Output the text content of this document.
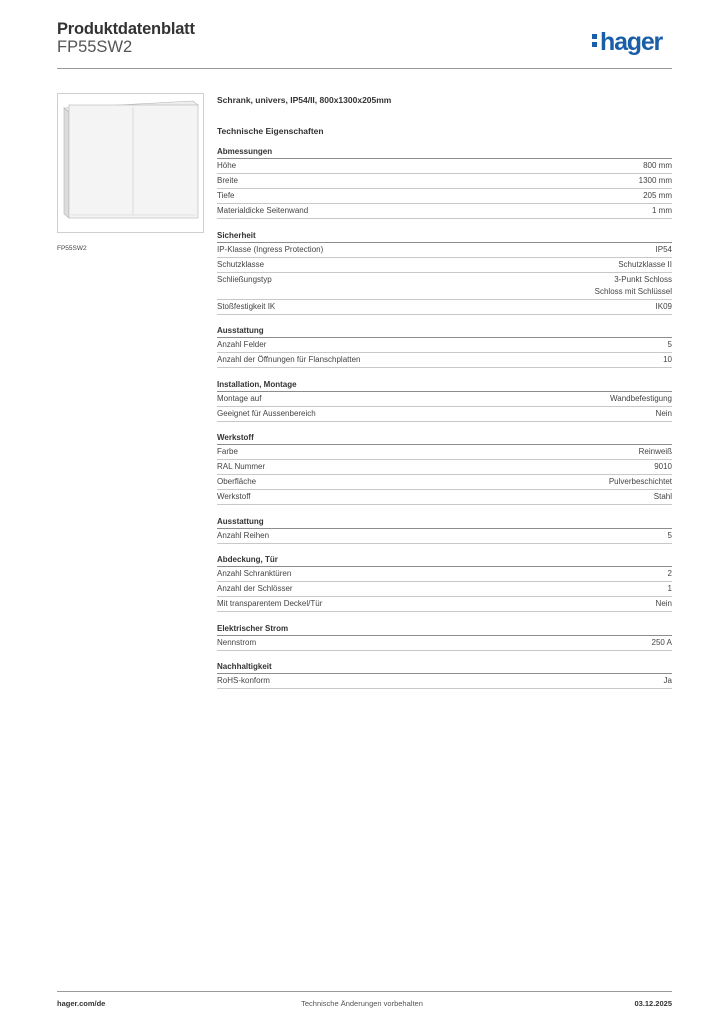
Produktdatenblatt
FP55SW2	hager
FP55SW2
Schrank, univers, IP54/II, 800x1300x205mm
Technische Eigenschaften
Abmessungen
Höhe	800 mm
Breite	1300 mm
Tiefe	205 mm
Materialdicke Seitenwand	1 mm
Sicherheit
IP-Klasse (Ingress Protection)	IP54
Schutzklasse	Schutzklasse II
Schließungstyp	3-Punkt Schloss
Schloss mit Schlüssel
Stoßfestigkeit IK	IK09
Ausstattung
Anzahl Felder	5
Anzahl der Öffnungen für Flanschplatten	10
Installation, Montage
Montage auf	Wandbefestigung
Geeignet für Aussenbereich	Nein
Werkstoff
Farbe	Reinweiß
RAL Nummer	9010
Oberfläche	Pulverbeschichtet
Werkstoff	Stahl
Ausstattung
Anzahl Reihen	5
Abdeckung, Tür
Anzahl Schranktüren	2
Anzahl der Schlösser	1
Mit transparentem Deckel/Tür	Nein
Elektrischer Strom
Nennstrom	250 A
Nachhaltigkeit
RoHS-konform	Ja
hager.com/de	Technische Änderungen vorbehalten	03.12.2025
